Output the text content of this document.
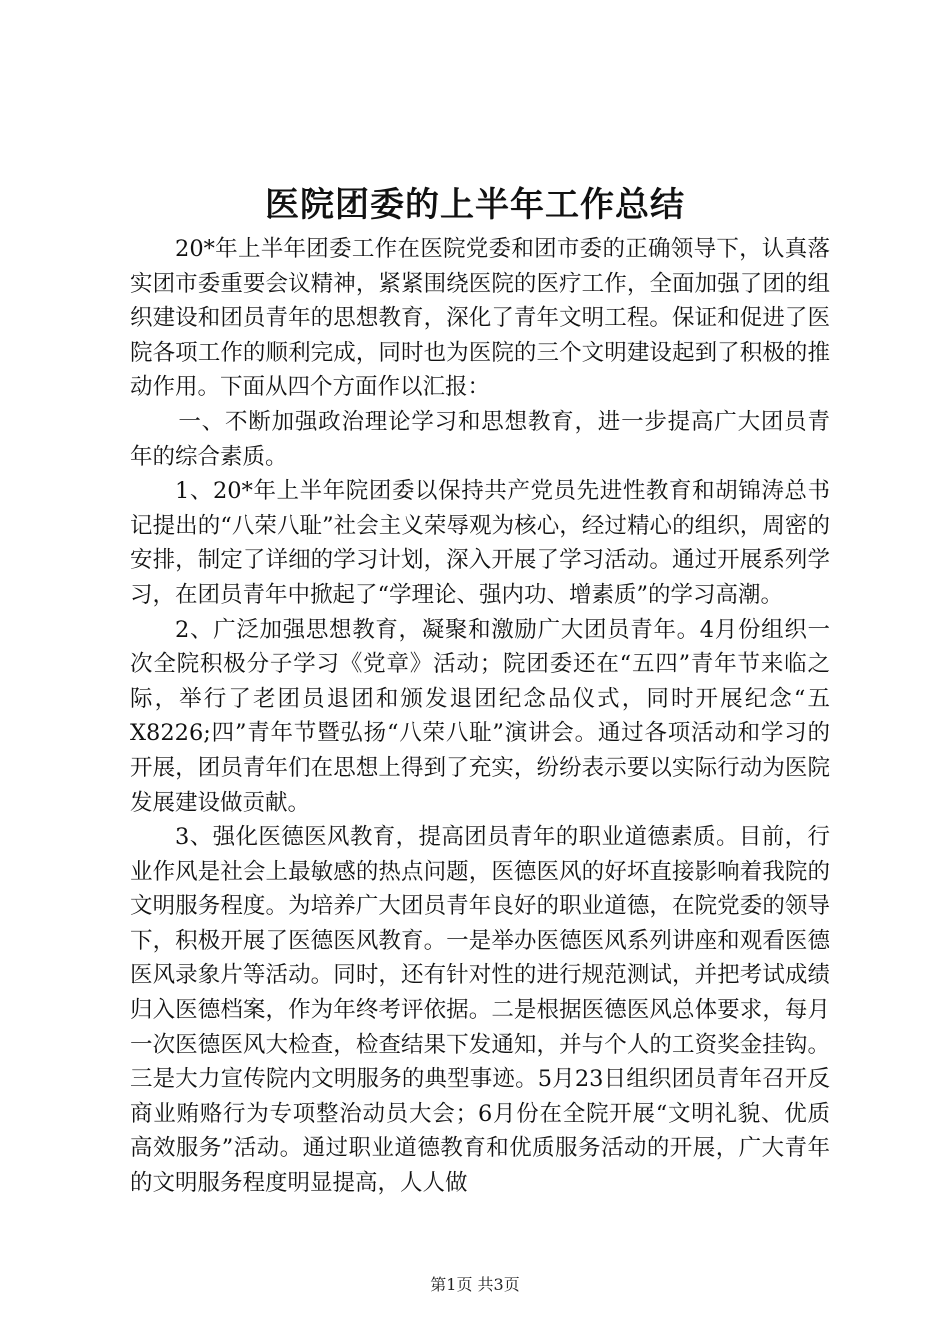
医院团委的上半年工作总结

20*年上半年团委工作在医院党委和团市委的正确领导下，认真落实团市委重要会议精神，紧紧围绕医院的医疗工作，全面加强了团的组织建设和团员青年的思想教育，深化了青年文明工程。保证和促进了医院各项工作的顺利完成，同时也为医院的三个文明建设起到了积极的推动作用。下面从四个方面作以汇报：

一、不断加强政治理论学习和思想教育，进一步提高广大团员青年的综合素质。

1、20*年上半年院团委以保持共产党员先进性教育和胡锦涛总书记提出的“八荣八耻”社会主义荣辱观为核心，经过精心的组织，周密的安排，制定了详细的学习计划，深入开展了学习活动。通过开展系列学习，在团员青年中掀起了“学理论、强内功、增素质”的学习高潮。

2、广泛加强思想教育，凝聚和激励广大团员青年。4月份组织一次全院积极分子学习《党章》活动；院团委还在“五四”青年节来临之际，举行了老团员退团和颁发退团纪念品仪式，同时开展纪念“五X8226;四”青年节暨弘扬“八荣八耻”演讲会。通过各项活动和学习的开展，团员青年们在思想上得到了充实，纷纷表示要以实际行动为医院发展建设做贡献。

3、强化医德医风教育，提高团员青年的职业道德素质。目前，行业作风是社会上最敏感的热点问题，医德医风的好坏直接影响着我院的文明服务程度。为培养广大团员青年良好的职业道德，在院党委的领导下，积极开展了医德医风教育。一是举办医德医风系列讲座和观看医德医风录象片等活动。同时，还有针对性的进行规范测试，并把考试成绩归入医德档案，作为年终考评依据。二是根据医德医风总体要求，每月一次医德医风大检查，检查结果下发通知，并与个人的工资奖金挂钩。三是大力宣传院内文明服务的典型事迹。5月23日组织团员青年召开反商业贿赂行为专项整治动员大会；6月份在全院开展“文明礼貌、优质高效服务”活动。通过职业道德教育和优质服务活动的开展，广大青年的文明服务程度明显提高，人人做

第1页 共3页
